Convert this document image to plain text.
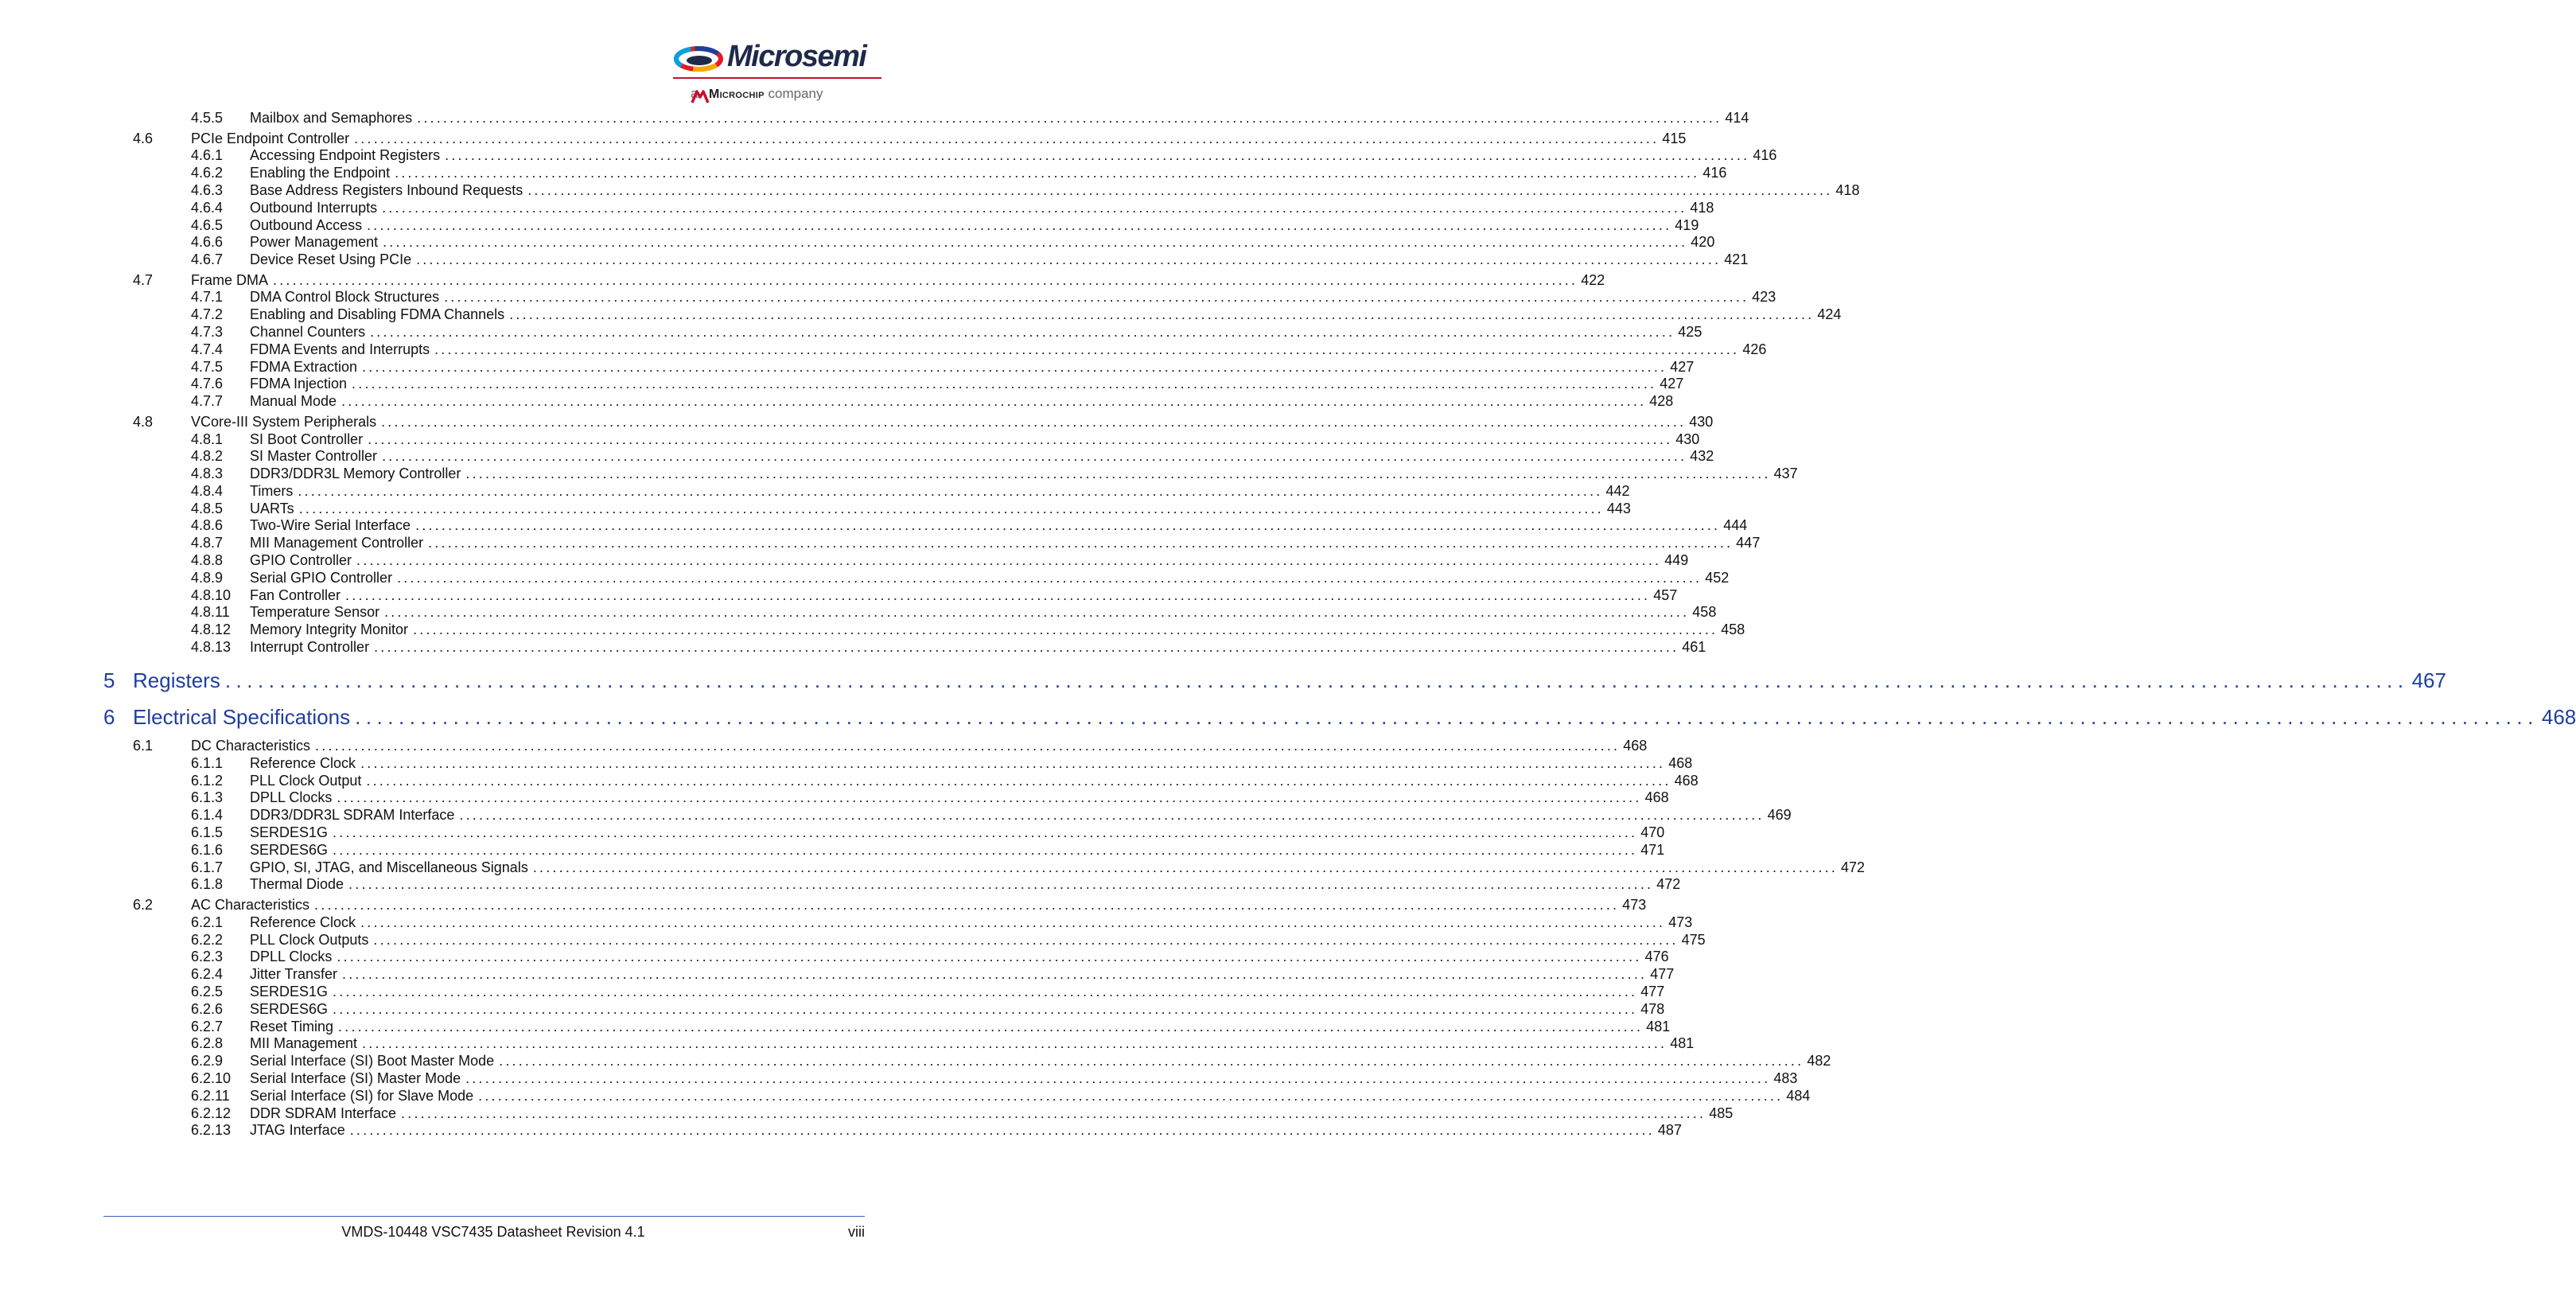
Microsemi
a Microchip company
4.5.5 Mailbox and Semaphores ........................................................................................................................................................................................................ 414
4.6	PCIe Endpoint Controller ........................................................................................................................................................................................................ 415
4.6.1 Accessing Endpoint Registers ........................................................................................................................................................................................................ 416
4.6.2 Enabling the Endpoint ........................................................................................................................................................................................................ 416
4.6.3 Base Address Registers Inbound Requests ........................................................................................................................................................................................................ 418
4.6.4 Outbound Interrupts ........................................................................................................................................................................................................ 418
4.6.5 Outbound Access ........................................................................................................................................................................................................ 419
4.6.6 Power Management ........................................................................................................................................................................................................ 420
4.6.7 Device Reset Using PCIe ........................................................................................................................................................................................................ 421
4.7	Frame DMA ........................................................................................................................................................................................................ 422
4.7.1 DMA Control Block Structures ........................................................................................................................................................................................................ 423
4.7.2 Enabling and Disabling FDMA Channels ........................................................................................................................................................................................................ 424
4.7.3 Channel Counters ........................................................................................................................................................................................................ 425
4.7.4 FDMA Events and Interrupts ........................................................................................................................................................................................................ 426
4.7.5 FDMA Extraction ........................................................................................................................................................................................................ 427
4.7.6 FDMA Injection ........................................................................................................................................................................................................ 427
4.7.7 Manual Mode ........................................................................................................................................................................................................ 428
4.8	VCore-III System Peripherals ........................................................................................................................................................................................................ 430
4.8.1 SI Boot Controller ........................................................................................................................................................................................................ 430
4.8.2 SI Master Controller ........................................................................................................................................................................................................ 432
4.8.3 DDR3/DDR3L Memory Controller ........................................................................................................................................................................................................ 437
4.8.4 Timers ........................................................................................................................................................................................................ 442
4.8.5 UARTs ........................................................................................................................................................................................................ 443
4.8.6 Two-Wire Serial Interface ........................................................................................................................................................................................................ 444
4.8.7 MII Management Controller ........................................................................................................................................................................................................ 447
4.8.8 GPIO Controller ........................................................................................................................................................................................................ 449
4.8.9 Serial GPIO Controller ........................................................................................................................................................................................................ 452
4.8.10 Fan Controller ........................................................................................................................................................................................................ 457
4.8.11 Temperature Sensor ........................................................................................................................................................................................................ 458
4.8.12 Memory Integrity Monitor ........................................................................................................................................................................................................ 458
4.8.13 Interrupt Controller ........................................................................................................................................................................................................ 461
5 Registers ........................................................................................................................................................................................................ 467
6 Electrical Specifications ........................................................................................................................................................................................................ 468
6.1	DC Characteristics ........................................................................................................................................................................................................ 468
6.1.1 Reference Clock ........................................................................................................................................................................................................ 468
6.1.2 PLL Clock Output ........................................................................................................................................................................................................ 468
6.1.3 DPLL Clocks ........................................................................................................................................................................................................ 468
6.1.4 DDR3/DDR3L SDRAM Interface ........................................................................................................................................................................................................ 469
6.1.5 SERDES1G ........................................................................................................................................................................................................ 470
6.1.6 SERDES6G ........................................................................................................................................................................................................ 471
6.1.7 GPIO, SI, JTAG, and Miscellaneous Signals ........................................................................................................................................................................................................ 472
6.1.8 Thermal Diode ........................................................................................................................................................................................................ 472
6.2	AC Characteristics ........................................................................................................................................................................................................ 473
6.2.1 Reference Clock ........................................................................................................................................................................................................ 473
6.2.2 PLL Clock Outputs ........................................................................................................................................................................................................ 475
6.2.3 DPLL Clocks ........................................................................................................................................................................................................ 476
6.2.4 Jitter Transfer ........................................................................................................................................................................................................ 477
6.2.5 SERDES1G ........................................................................................................................................................................................................ 477
6.2.6 SERDES6G ........................................................................................................................................................................................................ 478
6.2.7 Reset Timing ........................................................................................................................................................................................................ 481
6.2.8 MII Management ........................................................................................................................................................................................................ 481
6.2.9 Serial Interface (SI) Boot Master Mode ........................................................................................................................................................................................................ 482
6.2.10 Serial Interface (SI) Master Mode ........................................................................................................................................................................................................ 483
6.2.11 Serial Interface (SI) for Slave Mode ........................................................................................................................................................................................................ 484
6.2.12 DDR SDRAM Interface ........................................................................................................................................................................................................ 485
6.2.13 JTAG Interface ........................................................................................................................................................................................................ 487
VMDS-10448 VSC7435 Datasheet Revision 4.1	viii
